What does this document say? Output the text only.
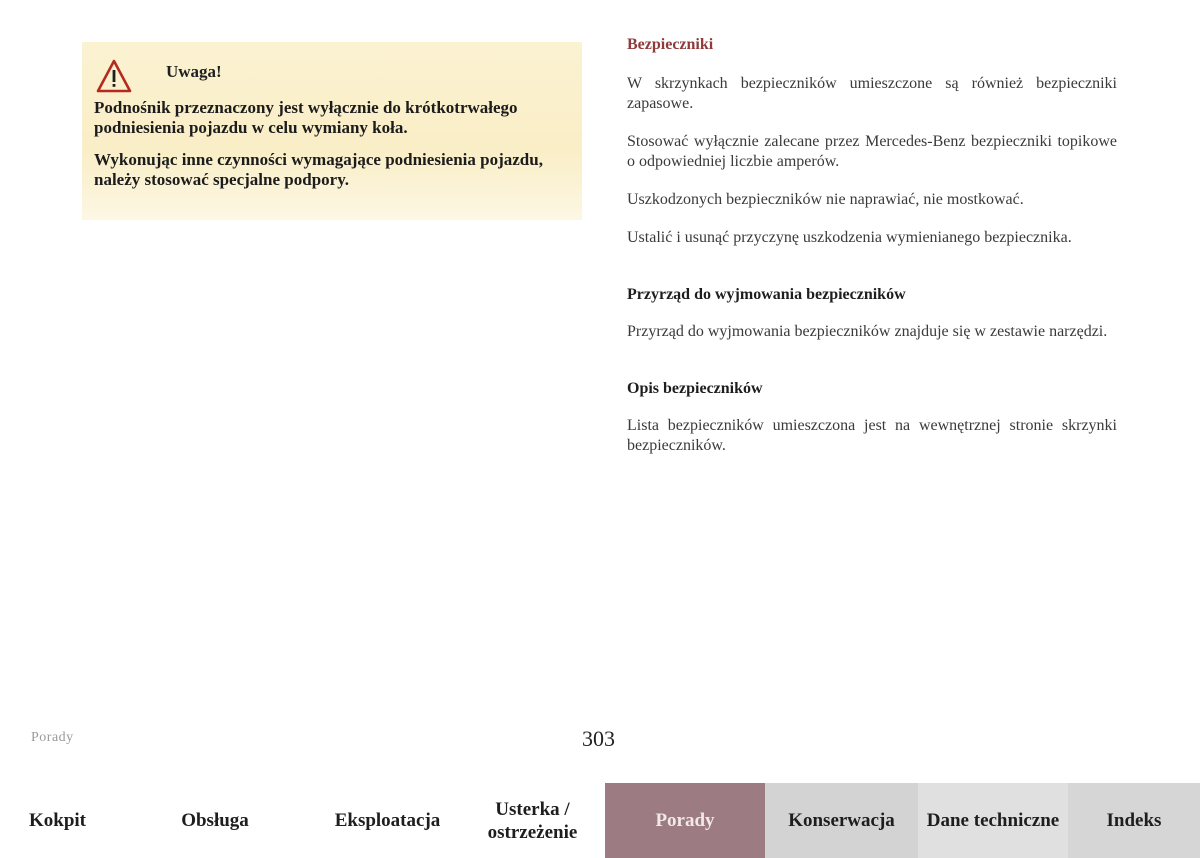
Uwaga!

Podnośnik przeznaczony jest wyłącznie do krótkotrwałego podniesienia pojazdu w celu wymiany koła.

Wykonując inne czynności wymagające podniesienia pojazdu, należy stosować specjalne podpory.

Bezpieczniki

W skrzynkach bezpieczników umieszczone są również bezpieczniki zapasowe.

Stosować wyłącznie zalecane przez Mercedes-Benz bezpieczniki topikowe o odpowiedniej liczbie amperów.

Uszkodzonych bezpieczników nie naprawiać, nie mostkować.

Ustalić i usunąć przyczynę uszkodzenia wymienianego bezpiecznika.

Przyrząd do wyjmowania bezpieczników

Przyrząd do wyjmowania bezpieczników znajduje się w zestawie narzędzi.

Opis bezpieczników

Lista bezpieczników umieszczona jest na wewnętrznej stronie skrzynki bezpieczników.

Porady	303
Kokpit	Obsługa	Eksploatacja
Usterka / ostrzeżenie
Porady	Konserwacja	Dane techniczne	Indeks
